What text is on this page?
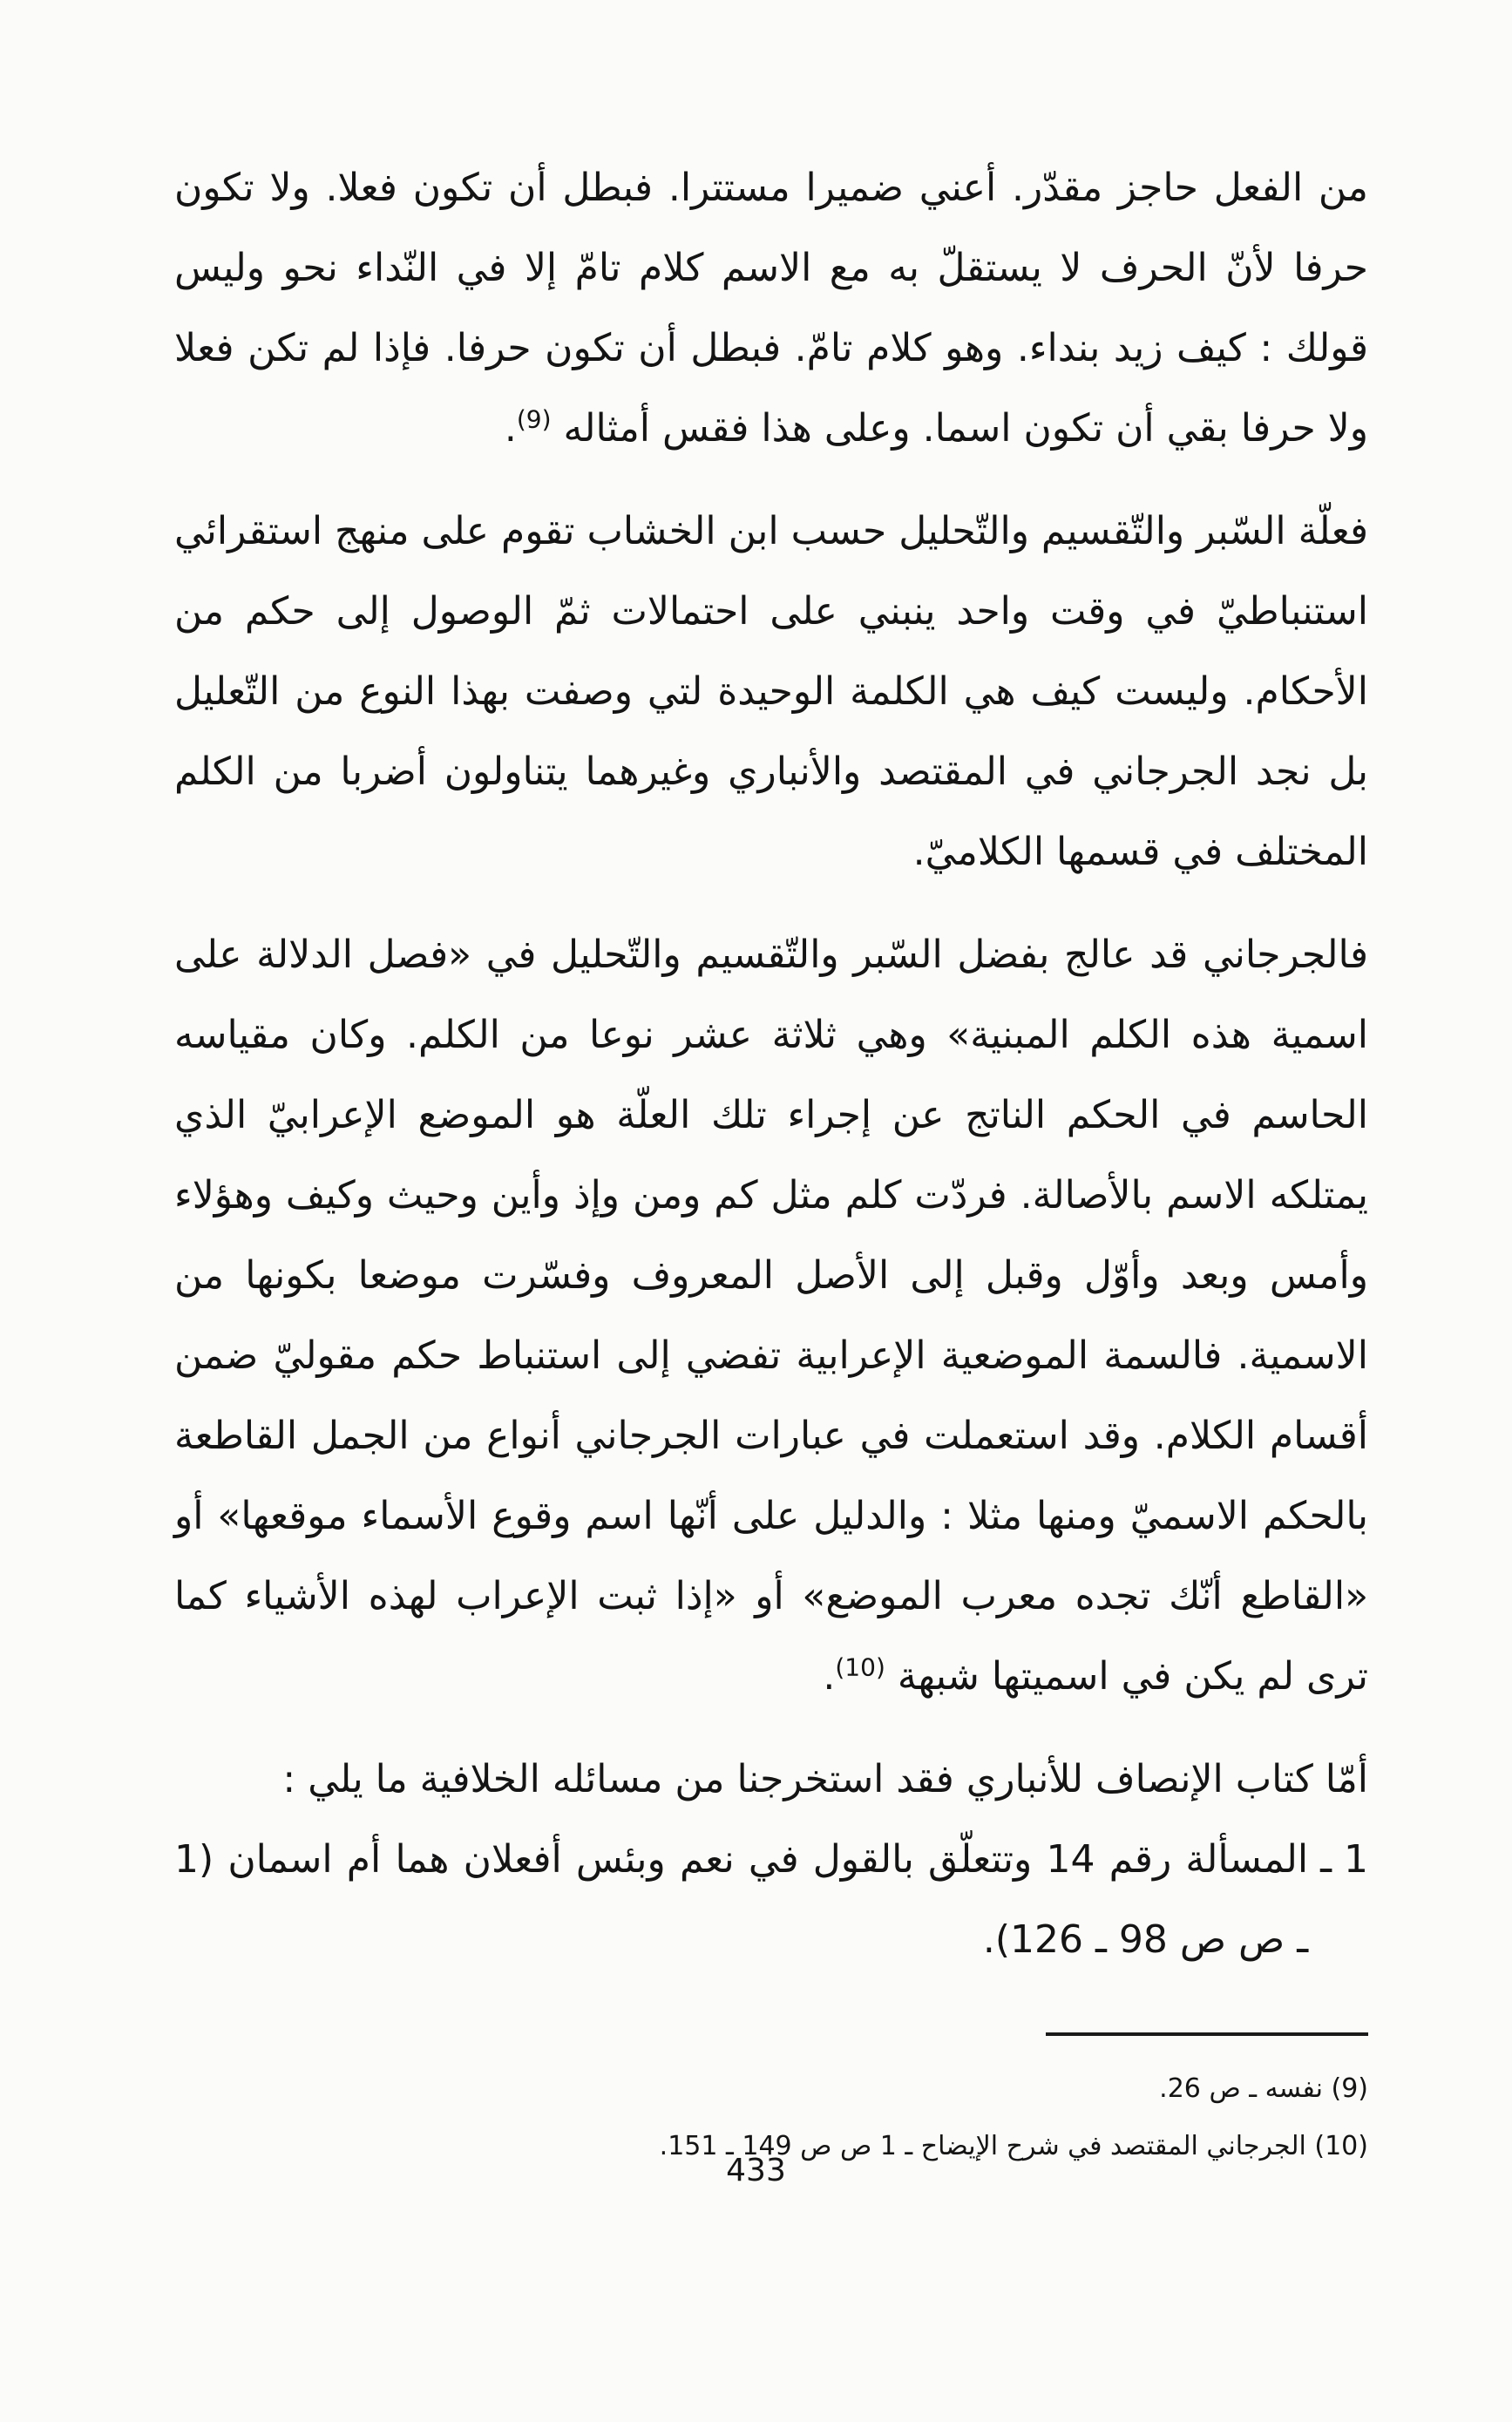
من الفعل حاجز مقدّر. أعني ضميرا مستترا. فبطل أن تكون فعلا. ولا تكون حرفا لأنّ الحرف لا يستقلّ به مع الاسم كلام تامّ إلا في النّداء نحو وليس قولك : كيف زيد بنداء. وهو كلام تامّ. فبطل أن تكون حرفا. فإذا لم تكن فعلا ولا حرفا بقي أن تكون اسما. وعلى هذا فقس أمثاله $^{(9)}$.

فعلّة السّبر والتّقسيم والتّحليل حسب ابن الخشاب تقوم على منهج استقرائي استنباطيّ في وقت واحد ينبني على احتمالات ثمّ الوصول إلى حكم من الأحكام. وليست كيف هي الكلمة الوحيدة لتي وصفت بهذا النوع من التّعليل بل نجد الجرجاني في المقتصد والأنباري وغيرهما يتناولون أضربا من الكلم المختلف في قسمها الكلاميّ.

فالجرجاني قد عالج بفضل السّبر والتّقسيم والتّحليل في «فصل الدلالة على اسمية هذه الكلم المبنية» وهي ثلاثة عشر نوعا من الكلم. وكان مقياسه الحاسم في الحكم الناتج عن إجراء تلك العلّة هو الموضع الإعرابيّ الذي يمتلكه الاسم بالأصالة. فردّت كلم مثل كم ومن وإذ وأين وحيث وكيف وهؤلاء وأمس وبعد وأوّل وقبل إلى الأصل المعروف وفسّرت موضعا بكونها من الاسمية. فالسمة الموضعية الإعرابية تفضي إلى استنباط حكم مقوليّ ضمن أقسام الكلام. وقد استعملت في عبارات الجرجاني أنواع من الجمل القاطعة بالحكم الاسميّ ومنها مثلا : والدليل على أنّها اسم وقوع الأسماء موقعها» أو «القاطع أنّك تجده معرب الموضع» أو «إذا ثبت الإعراب لهذه الأشياء كما ترى لم يكن في اسميتها شبهة $^{(10)}$.

أمّا كتاب الإنصاف للأنباري فقد استخرجنا من مسائله الخلافية ما يلي :

1 ـ
المسألة رقم 14 وتتعلّق بالقول في نعم وبئس أفعلان هما أم اسمان (1 ـ ص ص 98 ـ 126).

(9) نفسه ـ ص 26.

(10) الجرجاني المقتصد في شرح الإيضاح ـ 1 ص ص 149 ـ 151.

433
